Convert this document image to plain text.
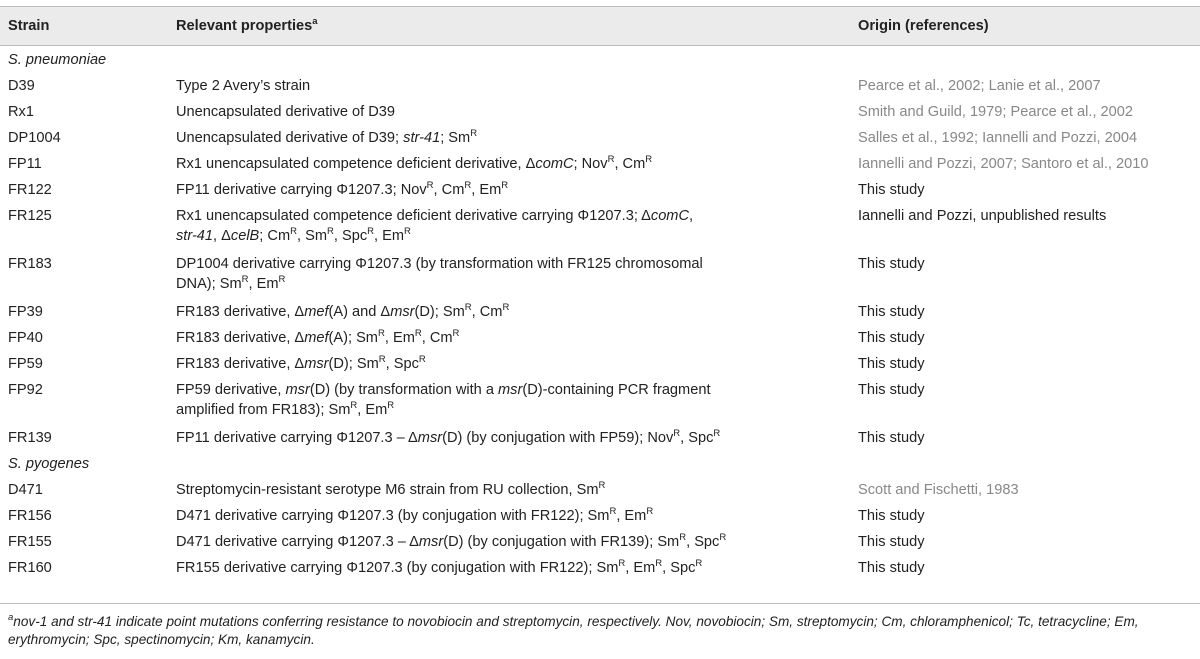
Strain	Relevant properties$^a$	Origin (references)
S. pneumoniae		
D39	Type 2 Avery’s strain	Pearce et al., 2002; Lanie et al., 2007
Rx1	Unencapsulated derivative of D39	Smith and Guild, 1979; Pearce et al., 2002
DP1004	Unencapsulated derivative of D39; str-41; $Sm^R$	Salles et al., 1992; Iannelli and Pozzi, 2004
FP11	Rx1 unencapsulated competence deficient derivative, ΔcomC; Nov$^R$, $Cm^R$	Iannelli and Pozzi, 2007; Santoro et al., 2010
FR122	FP11 derivative carrying Φ1207.3; Nov$^R$, $Cm^R$, $Em^R$	This study
FR125	Rx1 unencapsulated competence deficient derivative carrying Φ1207.3; ΔcomC,
str-41, ΔcelB; $Cm^R$, $Sm^R$, Spc$^R$, $Em^R$	Iannelli and Pozzi, unpublished results
FR183	DP1004 derivative carrying Φ1207.3 (by transformation with FR125 chromosomal
DNA); $Sm^R$, $Em^R$	This study
FP39	FR183 derivative, Δmef(A) and Δmsr(D); $Sm^R$, $Cm^R$	This study
FP40	FR183 derivative, Δmef(A); $Sm^R$, $Em^R$, $Cm^R$	This study
FP59	FR183 derivative, Δmsr(D); $Sm^R$, Spc$^R$	This study
FP92	FP59 derivative, msr(D) (by transformation with a msr(D)-containing PCR fragment
amplified from FR183); $Sm^R$, $Em^R$	This study
FR139	FP11 derivative carrying Φ1207.3 – Δmsr(D) (by conjugation with FP59); Nov$^R$, Spc$^R$	This study
S. pyogenes		
D471	Streptomycin-resistant serotype M6 strain from RU collection, $Sm^R$	Scott and Fischetti, 1983
FR156	D471 derivative carrying Φ1207.3 (by conjugation with FR122); $Sm^R$, $Em^R$	This study
FR155	D471 derivative carrying Φ1207.3 – Δmsr(D) (by conjugation with FR139); $Sm^R$, Spc$^R$	This study
FR160	FR155 derivative carrying Φ1207.3 (by conjugation with FR122); $Sm^R$, $Em^R$, Spc$^R$	This study
$^a$nov-1 and str-41 indicate point mutations conferring resistance to novobiocin and streptomycin, respectively. Nov, novobiocin; Sm, streptomycin; Cm, chloramphenicol; Tc, tetracycline; Em, erythromycin; Spc, spectinomycin; Km, kanamycin.
